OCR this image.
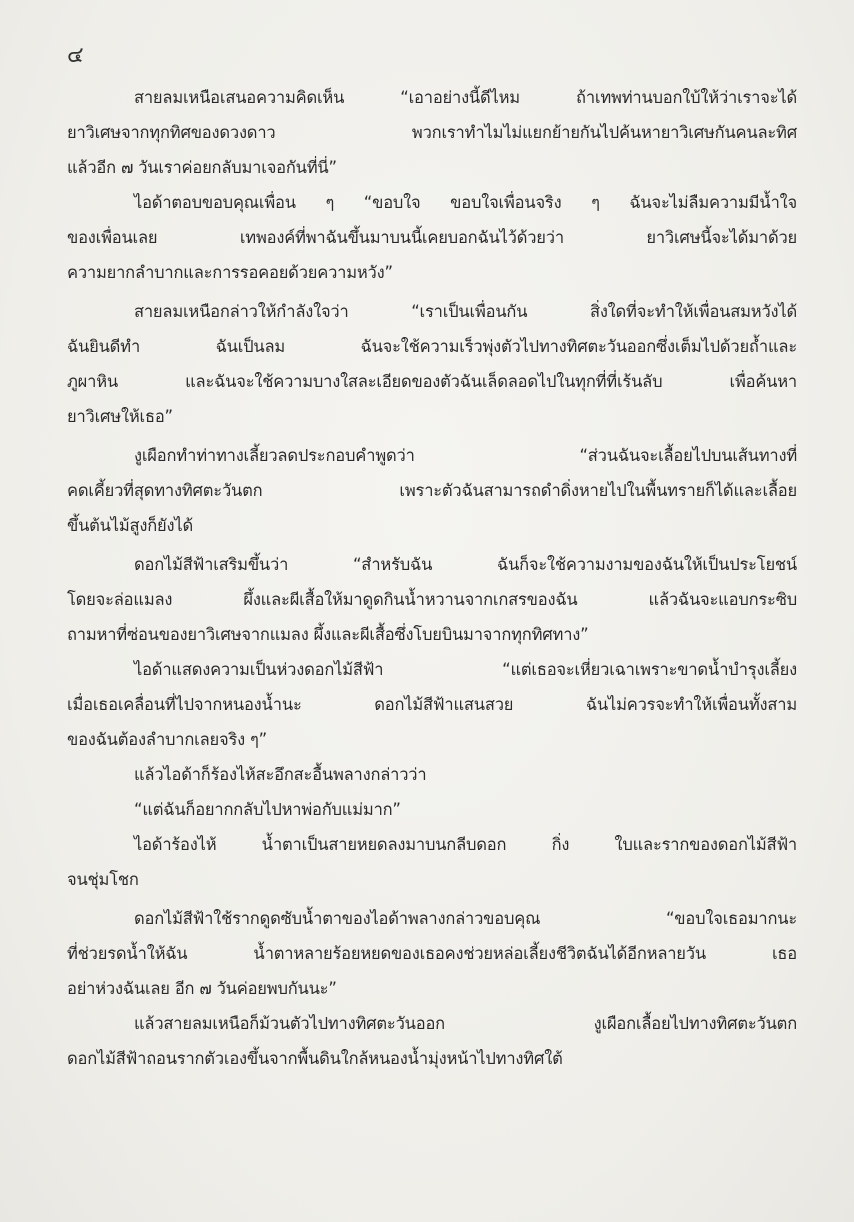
๔
สายลมเหนือเสนอความคิดเห็น “เอาอย่างนี้ดีไหม ถ้าเทพท่านบอกใบ้ให้ว่าเราจะได้
ยาวิเศษจากทุกทิศของดวงดาว พวกเราทำไมไม่แยกย้ายกันไปค้นหายาวิเศษกันคนละทิศ
แล้วอีก ๗ วันเราค่อยกลับมาเจอกันที่นี่”
ไอด้าตอบขอบคุณเพื่อน ๆ “ขอบใจ ขอบใจเพื่อนจริง ๆ ฉันจะไม่ลืมความมีน้ำใจ
ของเพื่อนเลย เทพองค์ที่พาฉันขึ้นมาบนนี้เคยบอกฉันไว้ด้วยว่า ยาวิเศษนี้จะได้มาด้วย
ความยากลำบากและการรอคอยด้วยความหวัง”
สายลมเหนือกล่าวให้กำลังใจว่า “เราเป็นเพื่อนกัน สิ่งใดที่จะทำให้เพื่อนสมหวังได้
ฉันยินดีทำ ฉันเป็นลม ฉันจะใช้ความเร็วพุ่งตัวไปทางทิศตะวันออกซึ่งเต็มไปด้วยถ้ำและ
ภูผาหิน และฉันจะใช้ความบางใสละเอียดของตัวฉันเล็ดลอดไปในทุกที่ที่เร้นลับ เพื่อค้นหา
ยาวิเศษให้เธอ”
งูเผือกทำท่าทางเลี้ยวลดประกอบคำพูดว่า “ส่วนฉันจะเลื้อยไปบนเส้นทางที่
คดเคี้ยวที่สุดทางทิศตะวันตก เพราะตัวฉันสามารถดำดิ่งหายไปในพื้นทรายก็ได้และเลื้อย
ขึ้นต้นไม้สูงก็ยังได้
ดอกไม้สีฟ้าเสริมขึ้นว่า “สำหรับฉัน ฉันก็จะใช้ความงามของฉันให้เป็นประโยชน์
โดยจะล่อแมลง ผึ้งและผีเสื้อให้มาดูดกินน้ำหวานจากเกสรของฉัน แล้วฉันจะแอบกระซิบ
ถามหาที่ซ่อนของยาวิเศษจากแมลง ผึ้งและผีเสื้อซึ่งโบยบินมาจากทุกทิศทาง”
ไอด้าแสดงความเป็นห่วงดอกไม้สีฟ้า “แต่เธอจะเหี่ยวเฉาเพราะขาดน้ำบำรุงเลี้ยง
เมื่อเธอเคลื่อนที่ไปจากหนองน้ำนะ ดอกไม้สีฟ้าแสนสวย ฉันไม่ควรจะทำให้เพื่อนทั้งสาม
ของฉันต้องลำบากเลยจริง ๆ”
แล้วไอด้าก็ร้องไห้สะอึกสะอื้นพลางกล่าวว่า
“แต่ฉันก็อยากกลับไปหาพ่อกับแม่มาก”
ไอด้าร้องไห้ น้ำตาเป็นสายหยดลงมาบนกลีบดอก กิ่ง ใบและรากของดอกไม้สีฟ้า
จนชุ่มโชก
ดอกไม้สีฟ้าใช้รากดูดซับน้ำตาของไอด้าพลางกล่าวขอบคุณ “ขอบใจเธอมากนะ
ที่ช่วยรดน้ำให้ฉัน น้ำตาหลายร้อยหยดของเธอคงช่วยหล่อเลี้ยงชีวิตฉันได้อีกหลายวัน เธอ
อย่าห่วงฉันเลย อีก ๗ วันค่อยพบกันนะ”
แล้วสายลมเหนือก็ม้วนตัวไปทางทิศตะวันออก งูเผือกเลื้อยไปทางทิศตะวันตก
ดอกไม้สีฟ้าถอนรากตัวเองขึ้นจากพื้นดินใกล้หนองน้ำมุ่งหน้าไปทางทิศใต้
